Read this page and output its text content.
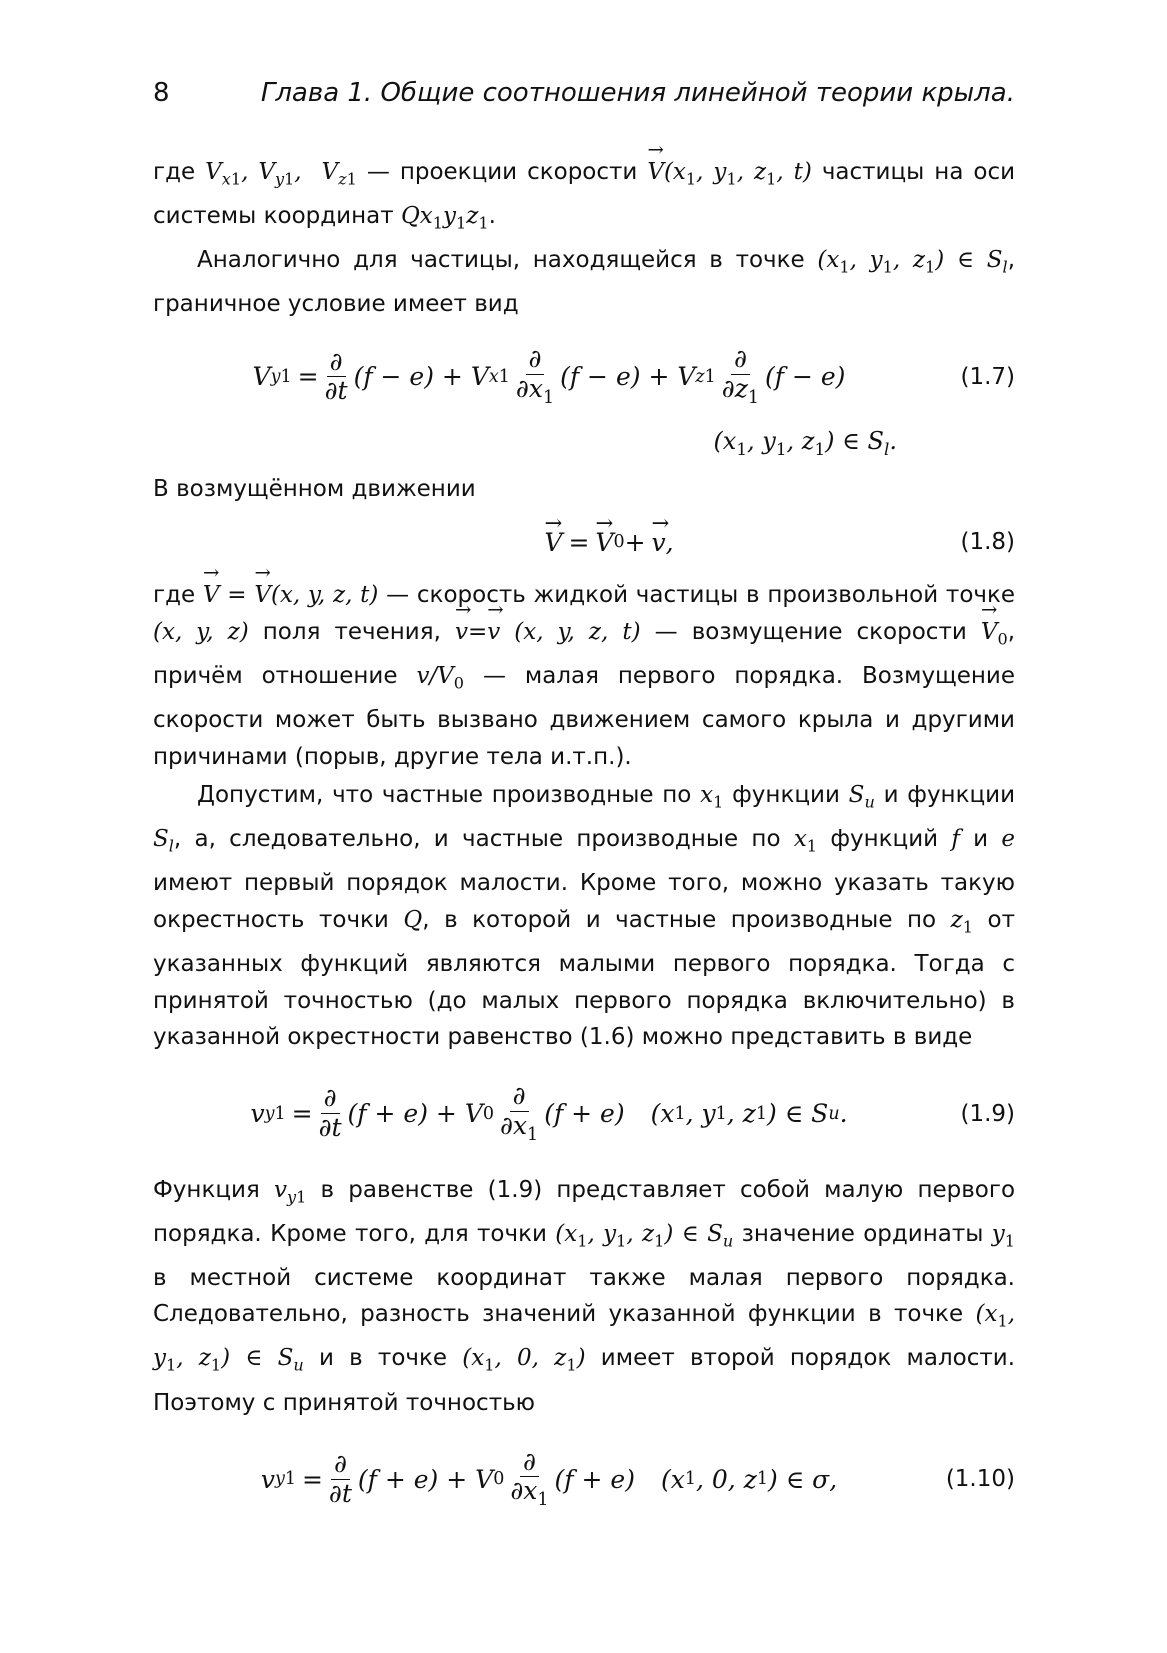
8	Глава 1. Общие соотношения линейной теории крыла.

где $V_{x1}$, $V_{y1}$,  $V_{z1}$ — проекции скорости → $V(x_1$, $y_1$, $z_1$, t) частицы на оси системы координат $Qx_1y_1z_1$.

Аналогично для частицы, находящейся в точке ($x_1$, $y_1$, $z_1$) ∈ $S_l$, граничное условие имеет вид

V y $1 = \frac{\partial}{\partial t} (f - e) + V$ x $1 \frac{\partial}{\partial x_1} (f - e) + V$ z $1 \frac{\partial}{\partial z_1} (f - e)$	(1.7)
($x_1$, $y_1$, $z_1$) ∈ $S_l$.

В возмущённом движении

→ V = → V 0 + → v ,	(1.8)

где → V = → V(x, y, z, t) — скорость жидкой частицы в произвольной точке (x, y, z) поля течения, → v=→ v (x, y, z, t) — возмущение скорости → $V_0$, причём отношение $v/V_0$ — малая первого порядка. Возмущение скорости может быть вызвано движением самого крыла и другими причинами (порыв, другие тела и.т.п.).

Допустим, что частные производные по $x_1$ функции $S_u$ и функции $S_l$, а, следовательно, и частные производные по $x_1$ функций f и e имеют первый порядок малости. Кроме того, можно указать такую окрестность точки Q, в которой и частные производные по $z_1$ от указанных функций являются малыми первого порядка. Тогда с принятой точностью (до малых первого порядка включительно) в указанной окрестности равенство (1.6) можно представить в виде

v y $1 = \frac{\partial}{\partial t} (f + e) + V$ $0 \frac{\partial}{\partial x_1} (f + e)$
(x 1 , y 1 , z 1 ) ∈ S u .	(1.9)

Функция $v_{y1}$ в равенстве (1.9) представляет собой малую первого порядка. Кроме того, для точки ($x_1$, $y_1$, $z_1$) ∈ $S_u$ значение ординаты $y_1$ в местной системе координат также малая первого порядка. Следовательно, разность значений указанной функции в точке ($x_1$, $y_1$, $z_1$) ∈ $S_u$ и в точке ($x_1$, 0, $z_1$) имеет второй порядок малости. Поэтому с принятой точностью

v y $1 = \frac{\partial}{\partial t} (f + e) + V$ $0 \frac{\partial}{\partial x_1} (f + e)$
(x 1 , 0, z 1 ) ∈ σ,	(1.10)
